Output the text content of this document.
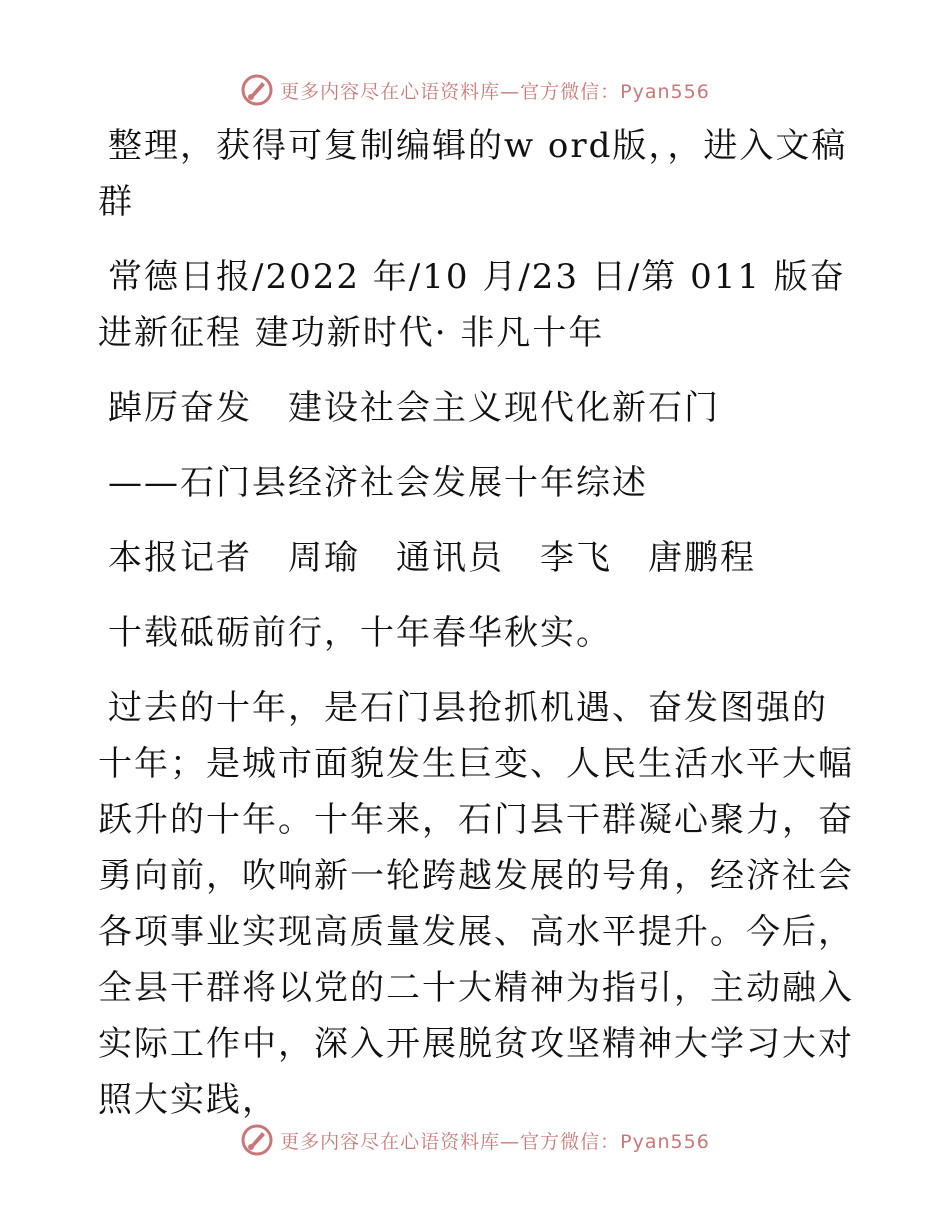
更多内容尽在心语资料库—官方微信：Pyan556

整理，获得可复制编辑的w ord版，，进入文稿群

常德日报/2022 年/10 月/23 日/第 011 版奋进新征程 建功新时代· 非凡十年

踔厉奋发　建设社会主义现代化新石门

——石门县经济社会发展十年综述

本报记者　周瑜　通讯员　李飞　唐鹏程

十载砥砺前行，十年春华秋实。

过去的十年，是石门县抢抓机遇、奋发图强的十年；是城市面貌发生巨变、人民生活水平大幅跃升的十年。十年来，石门县干群凝心聚力，奋勇向前，吹响新一轮跨越发展的号角，经济社会各项事业实现高质量发展、高水平提升。今后，全县干群将以党的二十大精神为指引，主动融入实际工作中，深入开展脱贫攻坚精神大学习大对照大实践，

更多内容尽在心语资料库—官方微信：Pyan556
